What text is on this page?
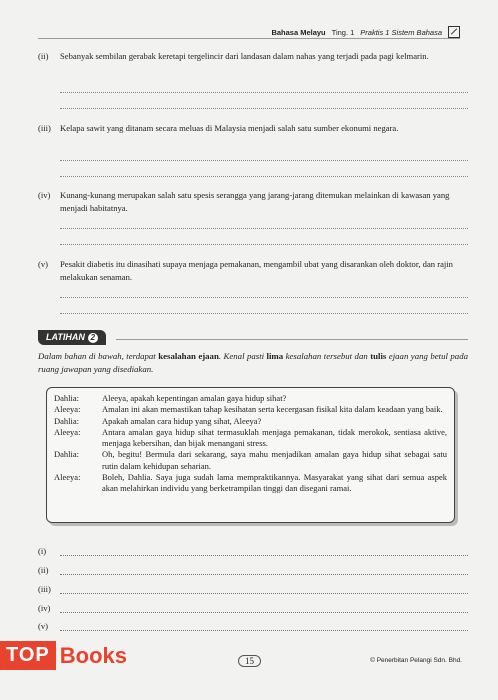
Bahasa Melayu Ting. 1 Praktis 1 Sistem Bahasa
(ii) Sebanyak sembilan gerabak keretapi tergelincir dari landasan dalam nahas yang terjadi pada pagi kelmarin.
(iii) Kelapa sawit yang ditanam secara meluas di Malaysia menjadi salah satu sumber ekonumi negara.
(iv) Kunang-kunang merupakan salah satu spesis serangga yang jarang-jarang ditemukan melainkan di kawasan yang menjadi habitatnya.
(v) Pesakit diabetis itu dinasihati supaya menjaga pemakanan, mengambil ubat yang disarankan oleh doktor, dan rajin melakukan senaman.
LATIHAN 2
Dalam bahan di bawah, terdapat kesalahan ejaan. Kenal pasti lima kesalahan tersebut dan tulis ejaan yang betul pada ruang jawapan yang disediakan.
Dahlia:	Aleeya, apakah kepentingan amalan gaya hidup sihat?
Aleeya:	Amalan ini akan memastikan tahap kesihatan serta kecergasan fisikal kita dalam keadaan yang baik.
Dahlia:	Apakah amalan cara hidup yang sihat, Aleeya?
Aleeya:	Antara amalan gaya hidup sihat termasuklah menjaga pemakanan, tidak merokok, sentiasa aktive, menjaga kebersihan, dan bijak menangani stress.
Dahlia:	Oh, begitu! Bermula dari sekarang, saya mahu menjadikan amalan gaya hidup sihat sebagai satu rutin dalam kehidupan seharian.
Aleeya:	Boleh, Dahlia. Saya juga sudah lama mempraktikannya. Masyarakat yang sihat dari semua aspek akan melahirkan individu yang berketrampilan tinggi dan disegani ramai.
(i)
(ii)
(iii)
(iv)
(v)
TOP Books	15	© Penerbitan Pelangi Sdn. Bhd.
